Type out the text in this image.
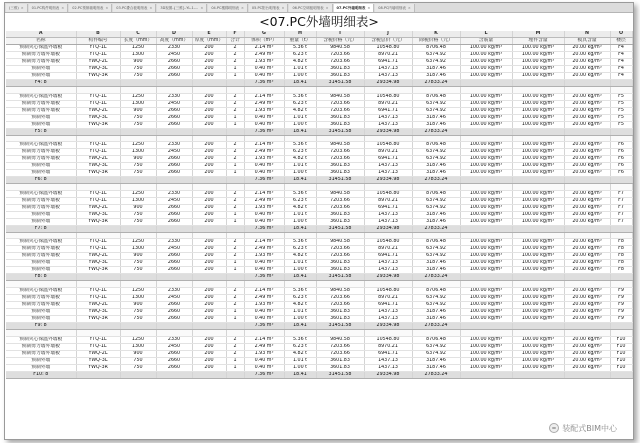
(三维) ×	01.PC构件明细表 ×	02.PC预制墙明细表 ×	03.PC叠合板明细表 ×	3D视图-{三维}-YL-1-... ×	04.PC楼梯明细表 ×	05.PC阳台明细表 ×	06.PC空调板明细表 ×	07.PC外墙明细表 ×	08.PC内墙明细表 ×
<07.PC外墙明细表>
A	B	C	D	E	F	G	H	I	J	K	L	M	N	O
名称	构件编号	长度（mm）	高度（mm）	厚度（mm）	合计	体积（m³）	重量（t）	含税价格（元）	含税总价（元）	除税价格（元）	含筋量	埋件含量	模具含量	楼层
预制夹心保温外墙板	YTQ-1L	1250	2330	200	2	2.14 m³	5.36 t	9840.58	10548.80	8706.48	100.00 kg/m³	100.00 kg/m³	20.00 kg/m³	F4
预制剪力墙外墙板	YTQ-1L	1300	2450	200	2	2.49 m³	6.23 t	7203.66	8970.21	6374.92	100.00 kg/m³	100.00 kg/m³	20.00 kg/m³	F4
预制剪力墙外墙板	YWQ-2L	900	2660	200	2	1.93 m³	4.82 t	7203.66	6941.71	6374.92	100.00 kg/m³	100.00 kg/m³	20.00 kg/m³	F4
预制外墙	YWQ-3L	750	2660	200	1	0.40 m³	1.01 t	3601.83	1437.13	3187.46	100.00 kg/m³	100.00 kg/m³	20.00 kg/m³	F4
预制外墙	YWQ-3R	750	2660	200	1	0.40 m³	1.00 t	3601.83	1437.13	3187.46	100.00 kg/m³	100.00 kg/m³	20.00 kg/m³	F4
F4: 8						7.36 m³	18.41	31451.58	29334.98	27833.24				

预制夹心保温外墙板	YTQ-1L	1250	2330	200	2	2.14 m³	5.36 t	9840.58	10548.80	8706.48	100.00 kg/m³	100.00 kg/m³	20.00 kg/m³	F5
预制剪力墙外墙板	YTQ-1L	1300	2450	200	2	2.49 m³	6.23 t	7203.66	8970.21	6374.92	100.00 kg/m³	100.00 kg/m³	20.00 kg/m³	F5
预制剪力墙外墙板	YWQ-2L	900	2660	200	2	1.93 m³	4.82 t	7203.66	6941.71	6374.92	100.00 kg/m³	100.00 kg/m³	20.00 kg/m³	F5
预制外墙	YWQ-3L	750	2660	200	1	0.40 m³	1.01 t	3601.83	1437.13	3187.46	100.00 kg/m³	100.00 kg/m³	20.00 kg/m³	F5
预制外墙	YWQ-3R	750	2660	200	1	0.40 m³	1.00 t	3601.83	1437.13	3187.46	100.00 kg/m³	100.00 kg/m³	20.00 kg/m³	F5
F5: 8						7.36 m³	18.41	31451.58	29334.98	27833.24				

预制夹心保温外墙板	YTQ-1L	1250	2330	200	2	2.14 m³	5.36 t	9840.58	10548.80	8706.48	100.00 kg/m³	100.00 kg/m³	20.00 kg/m³	F6
预制剪力墙外墙板	YTQ-1L	1300	2450	200	2	2.49 m³	6.23 t	7203.66	8970.21	6374.92	100.00 kg/m³	100.00 kg/m³	20.00 kg/m³	F6
预制剪力墙外墙板	YWQ-2L	900	2660	200	2	1.93 m³	4.82 t	7203.66	6941.71	6374.92	100.00 kg/m³	100.00 kg/m³	20.00 kg/m³	F6
预制外墙	YWQ-3L	750	2660	200	1	0.40 m³	1.01 t	3601.83	1437.13	3187.46	100.00 kg/m³	100.00 kg/m³	20.00 kg/m³	F6
预制外墙	YWQ-3R	750	2660	200	1	0.40 m³	1.00 t	3601.83	1437.13	3187.46	100.00 kg/m³	100.00 kg/m³	20.00 kg/m³	F6
F6: 8						7.36 m³	18.41	31451.58	29334.98	27833.24				

预制夹心保温外墙板	YTQ-1L	1250	2330	200	2	2.14 m³	5.36 t	9840.58	10548.80	8706.48	100.00 kg/m³	100.00 kg/m³	20.00 kg/m³	F7
预制剪力墙外墙板	YTQ-1L	1300	2450	200	2	2.49 m³	6.23 t	7203.66	8970.21	6374.92	100.00 kg/m³	100.00 kg/m³	20.00 kg/m³	F7
预制剪力墙外墙板	YWQ-2L	900	2660	200	2	1.93 m³	4.82 t	7203.66	6941.71	6374.92	100.00 kg/m³	100.00 kg/m³	20.00 kg/m³	F7
预制外墙	YWQ-3L	750	2660	200	1	0.40 m³	1.01 t	3601.83	1437.13	3187.46	100.00 kg/m³	100.00 kg/m³	20.00 kg/m³	F7
预制外墙	YWQ-3R	750	2660	200	1	0.40 m³	1.00 t	3601.83	1437.13	3187.46	100.00 kg/m³	100.00 kg/m³	20.00 kg/m³	F7
F7: 8						7.36 m³	18.41	31451.58	29334.98	27833.24				

预制夹心保温外墙板	YTQ-1L	1250	2330	200	2	2.14 m³	5.36 t	9840.58	10548.80	8706.48	100.00 kg/m³	100.00 kg/m³	20.00 kg/m³	F8
预制剪力墙外墙板	YTQ-1L	1300	2450	200	2	2.49 m³	6.23 t	7203.66	8970.21	6374.92	100.00 kg/m³	100.00 kg/m³	20.00 kg/m³	F8
预制剪力墙外墙板	YWQ-2L	900	2660	200	2	1.93 m³	4.82 t	7203.66	6941.71	6374.92	100.00 kg/m³	100.00 kg/m³	20.00 kg/m³	F8
预制外墙	YWQ-3L	750	2660	200	1	0.40 m³	1.01 t	3601.83	1437.13	3187.46	100.00 kg/m³	100.00 kg/m³	20.00 kg/m³	F8
预制外墙	YWQ-3R	750	2660	200	1	0.40 m³	1.00 t	3601.83	1437.13	3187.46	100.00 kg/m³	100.00 kg/m³	20.00 kg/m³	F8
F8: 8						7.36 m³	18.41	31451.58	29334.98	27833.24				

预制夹心保温外墙板	YTQ-1L	1250	2330	200	2	2.14 m³	5.36 t	9840.58	10548.80	8706.48	100.00 kg/m³	100.00 kg/m³	20.00 kg/m³	F9
预制剪力墙外墙板	YTQ-1L	1300	2450	200	2	2.49 m³	6.23 t	7203.66	8970.21	6374.92	100.00 kg/m³	100.00 kg/m³	20.00 kg/m³	F9
预制剪力墙外墙板	YWQ-2L	900	2660	200	2	1.93 m³	4.82 t	7203.66	6941.71	6374.92	100.00 kg/m³	100.00 kg/m³	20.00 kg/m³	F9
预制外墙	YWQ-3L	750	2660	200	1	0.40 m³	1.01 t	3601.83	1437.13	3187.46	100.00 kg/m³	100.00 kg/m³	20.00 kg/m³	F9
预制外墙	YWQ-3R	750	2660	200	1	0.40 m³	1.00 t	3601.83	1437.13	3187.46	100.00 kg/m³	100.00 kg/m³	20.00 kg/m³	F9
F9: 8						7.36 m³	18.41	31451.58	29334.98	27833.24				

预制夹心保温外墙板	YTQ-1L	1250	2330	200	2	2.14 m³	5.36 t	9840.58	10548.80	8706.48	100.00 kg/m³	100.00 kg/m³	20.00 kg/m³	F10
预制剪力墙外墙板	YTQ-1L	1300	2450	200	2	2.49 m³	6.23 t	7203.66	8970.21	6374.92	100.00 kg/m³	100.00 kg/m³	20.00 kg/m³	F10
预制剪力墙外墙板	YWQ-2L	900	2660	200	2	1.93 m³	4.82 t	7203.66	6941.71	6374.92	100.00 kg/m³	100.00 kg/m³	20.00 kg/m³	F10
预制外墙	YWQ-3L	750	2660	200	1	0.40 m³	1.01 t	3601.83	1437.13	3187.46	100.00 kg/m³	100.00 kg/m³	20.00 kg/m³	F10
预制外墙	YWQ-3R	750	2660	200	1	0.40 m³	1.00 t	3601.83	1437.13	3187.46	100.00 kg/m³	100.00 kg/m³	20.00 kg/m³	F10
F10: 8						7.36 m³	18.41	31451.58	29334.98	27833.24				
装配式BIM中心
